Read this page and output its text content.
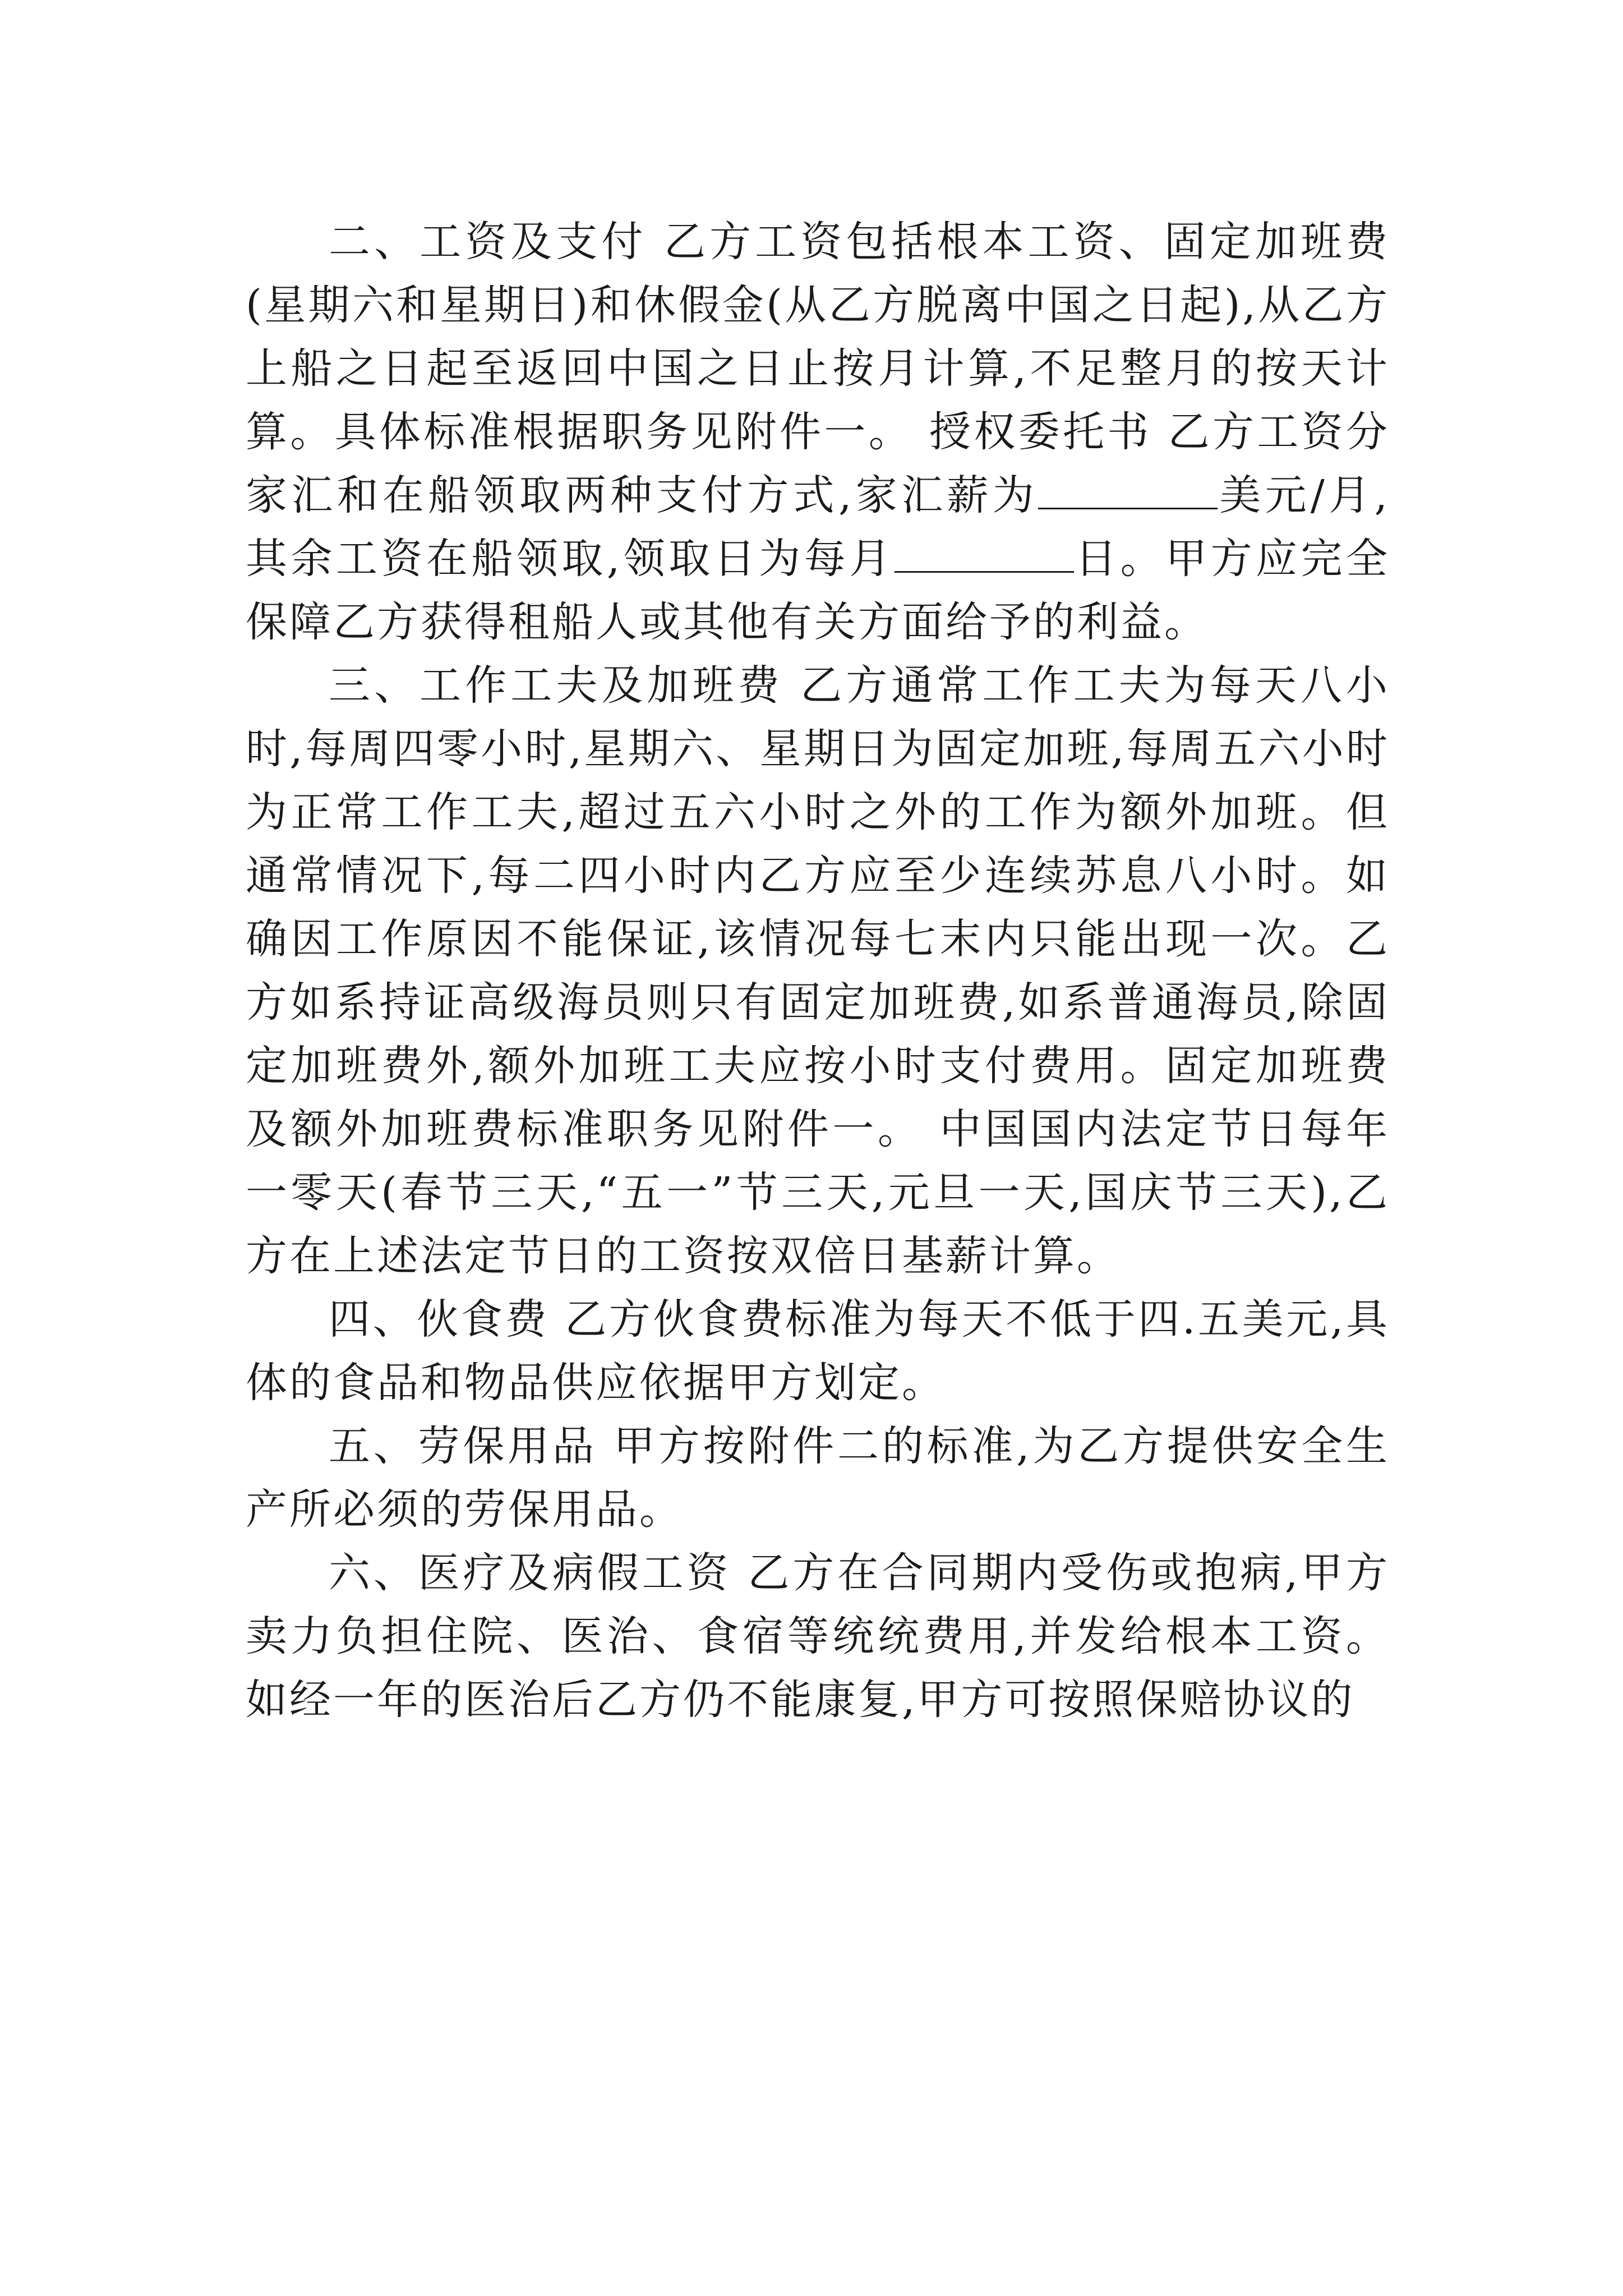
二、工资及支付 乙方工资包括根本工资、固定加班费(星期六和星期日)和休假金(从乙方脱离中国之日起),从乙方上船之日起至返回中国之日止按月计算,不足整月的按天计算。具体标准根据职务见附件一。 授权委托书 乙方工资分家汇和在船领取两种支付方式,家汇薪为	美元/月,其余工资在船领取,领取日为每月	日。甲方应完全保障乙方获得租船人或其他有关方面给予的利益。

三、工作工夫及加班费 乙方通常工作工夫为每天八小时,每周四零小时,星期六、星期日为固定加班,每周五六小时为正常工作工夫,超过五六小时之外的工作为额外加班。但通常情况下,每二四小时内乙方应至少连续苏息八小时。如确因工作原因不能保证,该情况每七末内只能出现一次。乙方如系持证高级海员则只有固定加班费,如系普通海员,除固定加班费外,额外加班工夫应按小时支付费用。固定加班费及额外加班费标准职务见附件一。 中国国内法定节日每年一零天(春节三天,“五一”节三天,元旦一天,国庆节三天),乙方在上述法定节日的工资按双倍日基薪计算。

四、伙食费 乙方伙食费标准为每天不低于四.五美元,具体的食品和物品供应依据甲方划定。

五、劳保用品 甲方按附件二的标准,为乙方提供安全生产所必须的劳保用品。

六、医疗及病假工资 乙方在合同期内受伤或抱病,甲方卖力负担住院、医治、食宿等统统费用,并发给根本工资。如经一年的医治后乙方仍不能康复,甲方可按照保赔协议的
